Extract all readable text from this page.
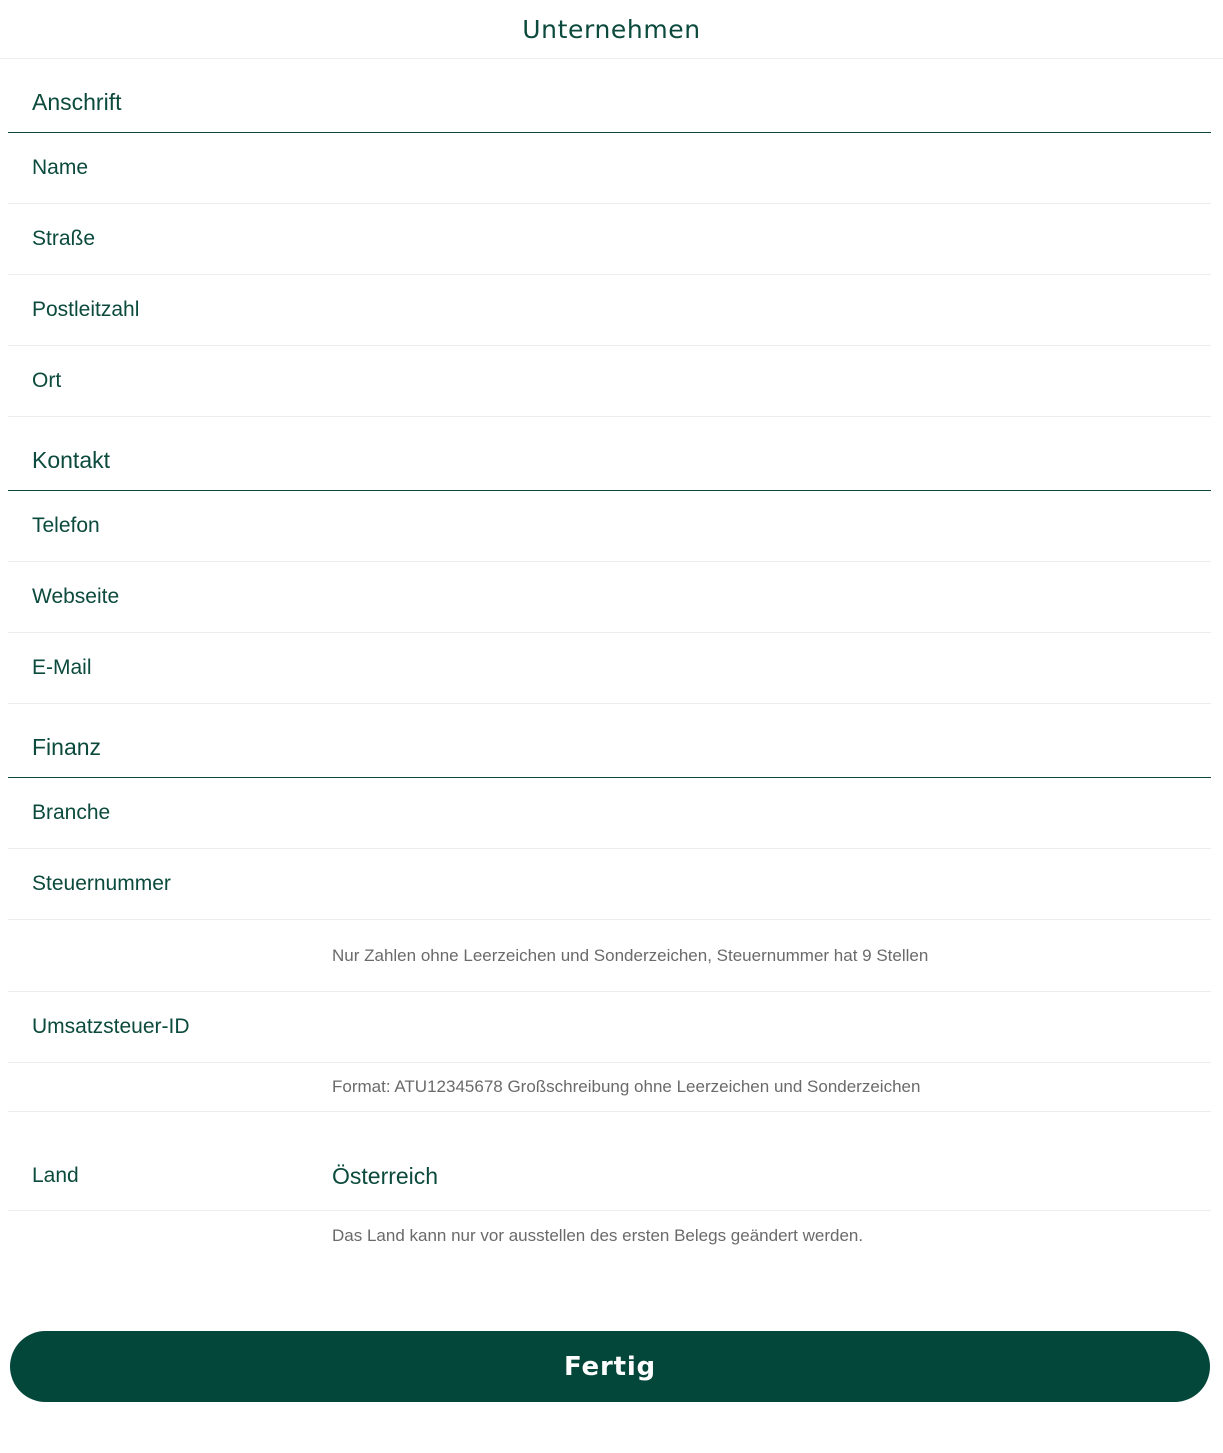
Unternehmen
Anschrift
Name
Straße
Postleitzahl
Ort
Kontakt
Telefon
Webseite
E-Mail
Finanz
Branche
Steuernummer
Nur Zahlen ohne Leerzeichen und Sonderzeichen, Steuernummer hat 9 Stellen
Umsatzsteuer-ID
Format: ATU12345678 Großschreibung ohne Leerzeichen und Sonderzeichen
Land	Österreich
Das Land kann nur vor ausstellen des ersten Belegs geändert werden.
Fertig
